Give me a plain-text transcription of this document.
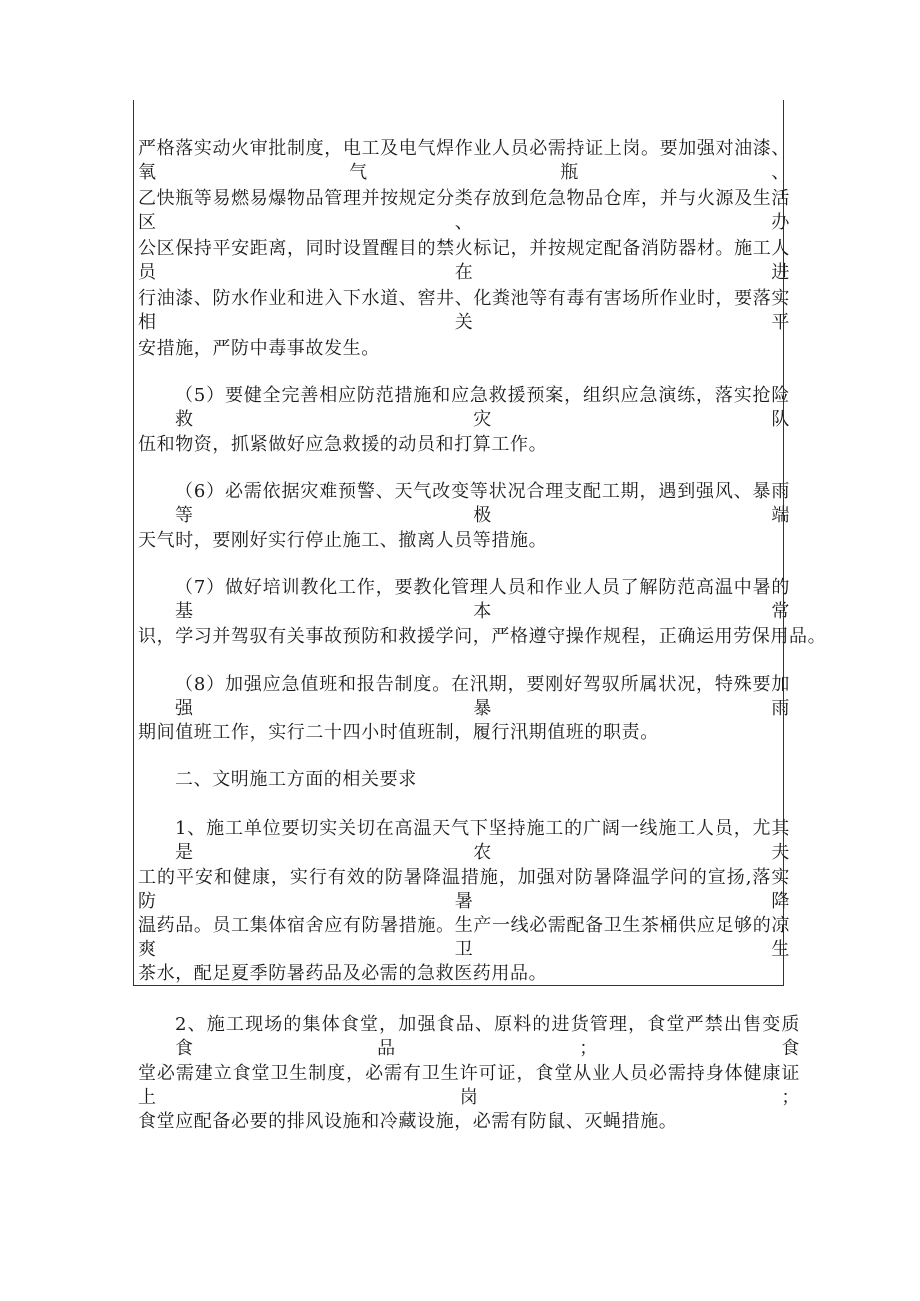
严格落实动火审批制度，电工及电气焊作业人员必需持证上岗。要加强对油漆、氧气瓶、
乙快瓶等易燃易爆物品管理并按规定分类存放到危急物品仓库，并与火源及生活区、办
公区保持平安距离，同时设置醒目的禁火标记，并按规定配备消防器材。施工人员在进
行油漆、防水作业和进入下水道、窖井、化粪池等有毒有害场所作业时，要落实相关平
安措施，严防中毒事故发生。
（5）要健全完善相应防范措施和应急救援预案，组织应急演练，落实抢险救灾队
伍和物资，抓紧做好应急救援的动员和打算工作。
（6）必需依据灾难预警、天气改变等状况合理支配工期，遇到强风、暴雨等极端
天气时，要刚好实行停止施工、撤离人员等措施。
（7）做好培训教化工作，要教化管理人员和作业人员了解防范高温中暑的基本常
识，学习并驾驭有关事故预防和救援学问，严格遵守操作规程，正确运用劳保用品。
（8）加强应急值班和报告制度。在汛期，要刚好驾驭所属状况，特殊要加强暴雨
期间值班工作，实行二十四小时值班制，履行汛期值班的职责。
二、文明施工方面的相关要求
1、施工单位要切实关切在高温天气下坚持施工的广阔一线施工人员，尤其是农夫
工的平安和健康，实行有效的防暑降温措施，加强对防暑降温学问的宣扬,落实防暑降
温药品。员工集体宿舍应有防暑措施。生产一线必需配备卫生茶桶供应足够的凉爽卫生
茶水，配足夏季防暑药品及必需的急救医药用品。
2、施工现场的集体食堂，加强食品、原料的进货管理，食堂严禁出售变质食品；食
堂必需建立食堂卫生制度，必需有卫生许可证，食堂从业人员必需持身体健康证上岗；
食堂应配备必要的排风设施和冷藏设施，必需有防鼠、灭蝇措施。
